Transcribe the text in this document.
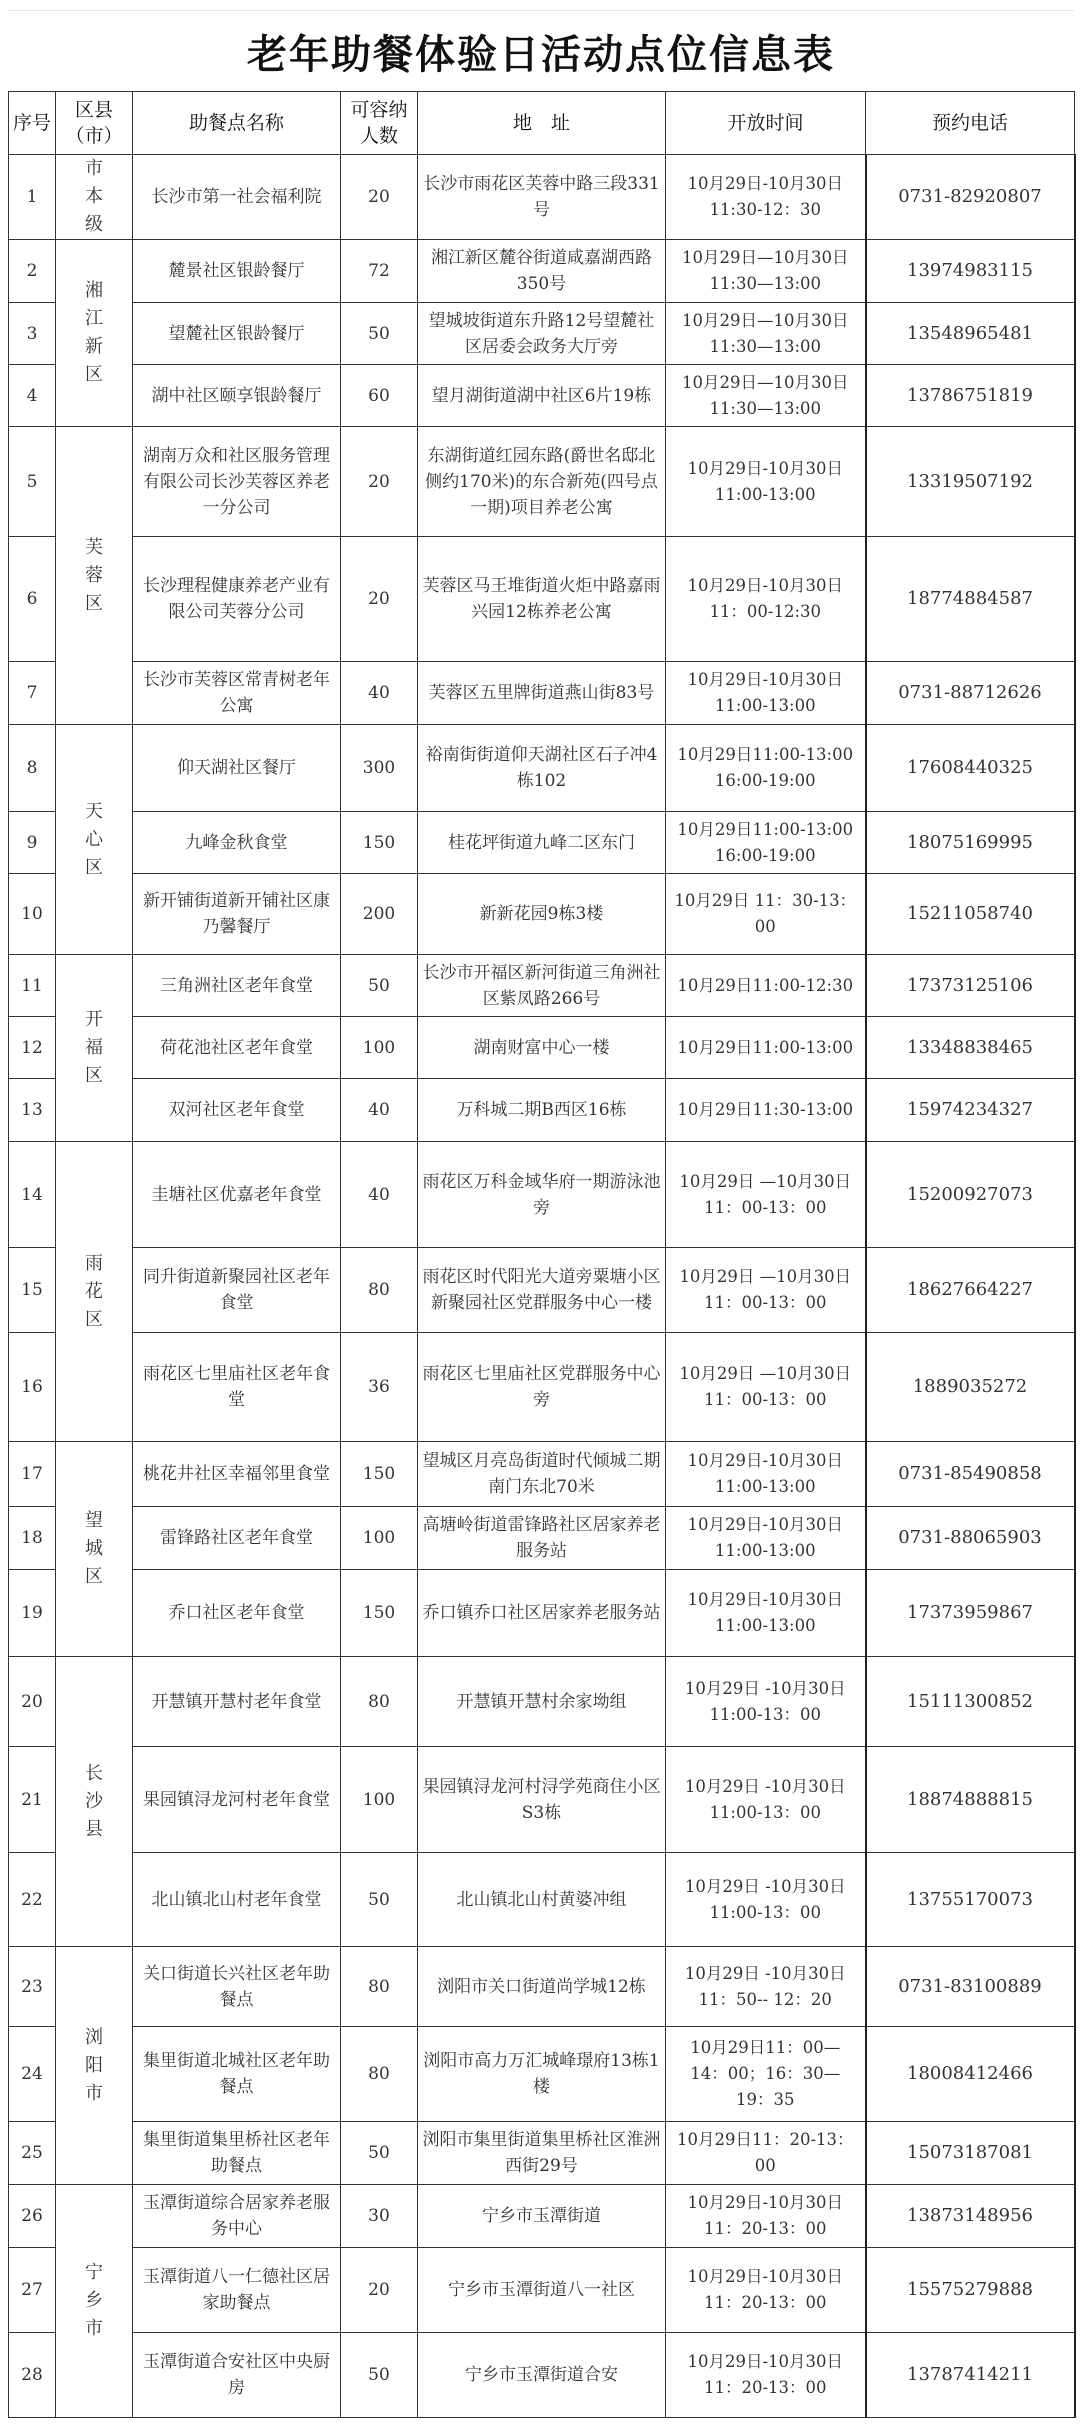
老年助餐体验日活动点位信息表
序号	区县（市）	助餐点名称	可容纳人数	地　址	开放时间	预约电话
1	市本级	长沙市第一社会福利院	20	长沙市雨花区芙蓉中路三段331号	10月29日-10月30日 11:30-12：30	0731-82920807
2	湘江新区	麓景社区银龄餐厅	72	湘江新区麓谷街道咸嘉湖西路350号	10月29日—10月30日 11:30—13:00	13974983115
3		望麓社区银龄餐厅	50	望城坡街道东升路12号望麓社区居委会政务大厅旁	10月29日—10月30日 11:30—13:00	13548965481
4		湖中社区颐享银龄餐厅	60	望月湖街道湖中社区6片19栋	10月29日—10月30日 11:30—13:00	13786751819
5	芙蓉区	湖南万众和社区服务管理有限公司长沙芙蓉区养老一分公司	20	东湖街道红园东路(爵世名邸北侧约170米)的东合新苑(四号点一期)项目养老公寓	10月29日-10月30日 11:00-13:00	13319507192
6		长沙理程健康养老产业有限公司芙蓉分公司	20	芙蓉区马王堆街道火炬中路嘉雨兴园12栋养老公寓	10月29日-10月30日 11：00-12:30	18774884587
7		长沙市芙蓉区常青树老年公寓	40	芙蓉区五里牌街道燕山街83号	10月29日-10月30日 11:00-13:00	0731-88712626
8	天心区	仰天湖社区餐厅	300	裕南街街道仰天湖社区石子冲4栋102	10月29日11:00-13:00 16:00-19:00	17608440325
9		九峰金秋食堂	150	桂花坪街道九峰二区东门	10月29日11:00-13:00 16:00-19:00	18075169995
10		新开铺街道新开铺社区康乃馨餐厅	200	新新花园9栋3楼	10月29日 11：30-13：00	15211058740
11	开福区	三角洲社区老年食堂	50	长沙市开福区新河街道三角洲社区紫凤路266号	10月29日11:00-12:30	17373125106
12		荷花池社区老年食堂	100	湖南财富中心一楼	10月29日11:00-13:00	13348838465
13		双河社区老年食堂	40	万科城二期B西区16栋	10月29日11:30-13:00	15974234327
14	雨花区	圭塘社区优嘉老年食堂	40	雨花区万科金域华府一期游泳池旁	10月29日 —10月30日 11：00-13：00	15200927073
15		同升街道新聚园社区老年食堂	80	雨花区时代阳光大道旁粟塘小区新聚园社区党群服务中心一楼	10月29日 —10月30日 11：00-13：00	18627664227
16		雨花区七里庙社区老年食堂	36	雨花区七里庙社区党群服务中心旁	10月29日 —10月30日 11：00-13：00	1889035272
17	望城区	桃花井社区幸福邻里食堂	150	望城区月亮岛街道时代倾城二期南门东北70米	10月29日-10月30日 11:00-13:00	0731-85490858
18		雷锋路社区老年食堂	100	高塘岭街道雷锋路社区居家养老服务站	10月29日-10月30日 11:00-13:00	0731-88065903
19		乔口社区老年食堂	150	乔口镇乔口社区居家养老服务站	10月29日-10月30日 11:00-13:00	17373959867
20	长沙县	开慧镇开慧村老年食堂	80	开慧镇开慧村余家坳组	10月29日 -10月30日 11:00-13：00	15111300852
21		果园镇浔龙河村老年食堂	100	果园镇浔龙河村浔学苑商住小区S3栋	10月29日 -10月30日 11:00-13：00	18874888815
22		北山镇北山村老年食堂	50	北山镇北山村黄婆冲组	10月29日 -10月30日 11:00-13：00	13755170073
23	浏阳市	关口街道长兴社区老年助餐点	80	浏阳市关口街道尚学城12栋	10月29日 -10月30日11：50-- 12：20	0731-83100889
24		集里街道北城社区老年助餐点	80	浏阳市高力万汇城峰璟府13栋1楼	10月29日11：00— 14：00；16：30— 19：35	18008412466
25		集里街道集里桥社区老年助餐点	50	浏阳市集里街道集里桥社区淮洲西街29号	10月29日11：20-13：00	15073187081
26	宁乡市	玉潭街道综合居家养老服务中心	30	宁乡市玉潭街道	10月29日-10月30日 11：20-13：00	13873148956
27		玉潭街道八一仁德社区居家助餐点	20	宁乡市玉潭街道八一社区	10月29日-10月30日 11：20-13：00	15575279888
28		玉潭街道合安社区中央厨房	50	宁乡市玉潭街道合安	10月29日-10月30日 11：20-13：00	13787414211
